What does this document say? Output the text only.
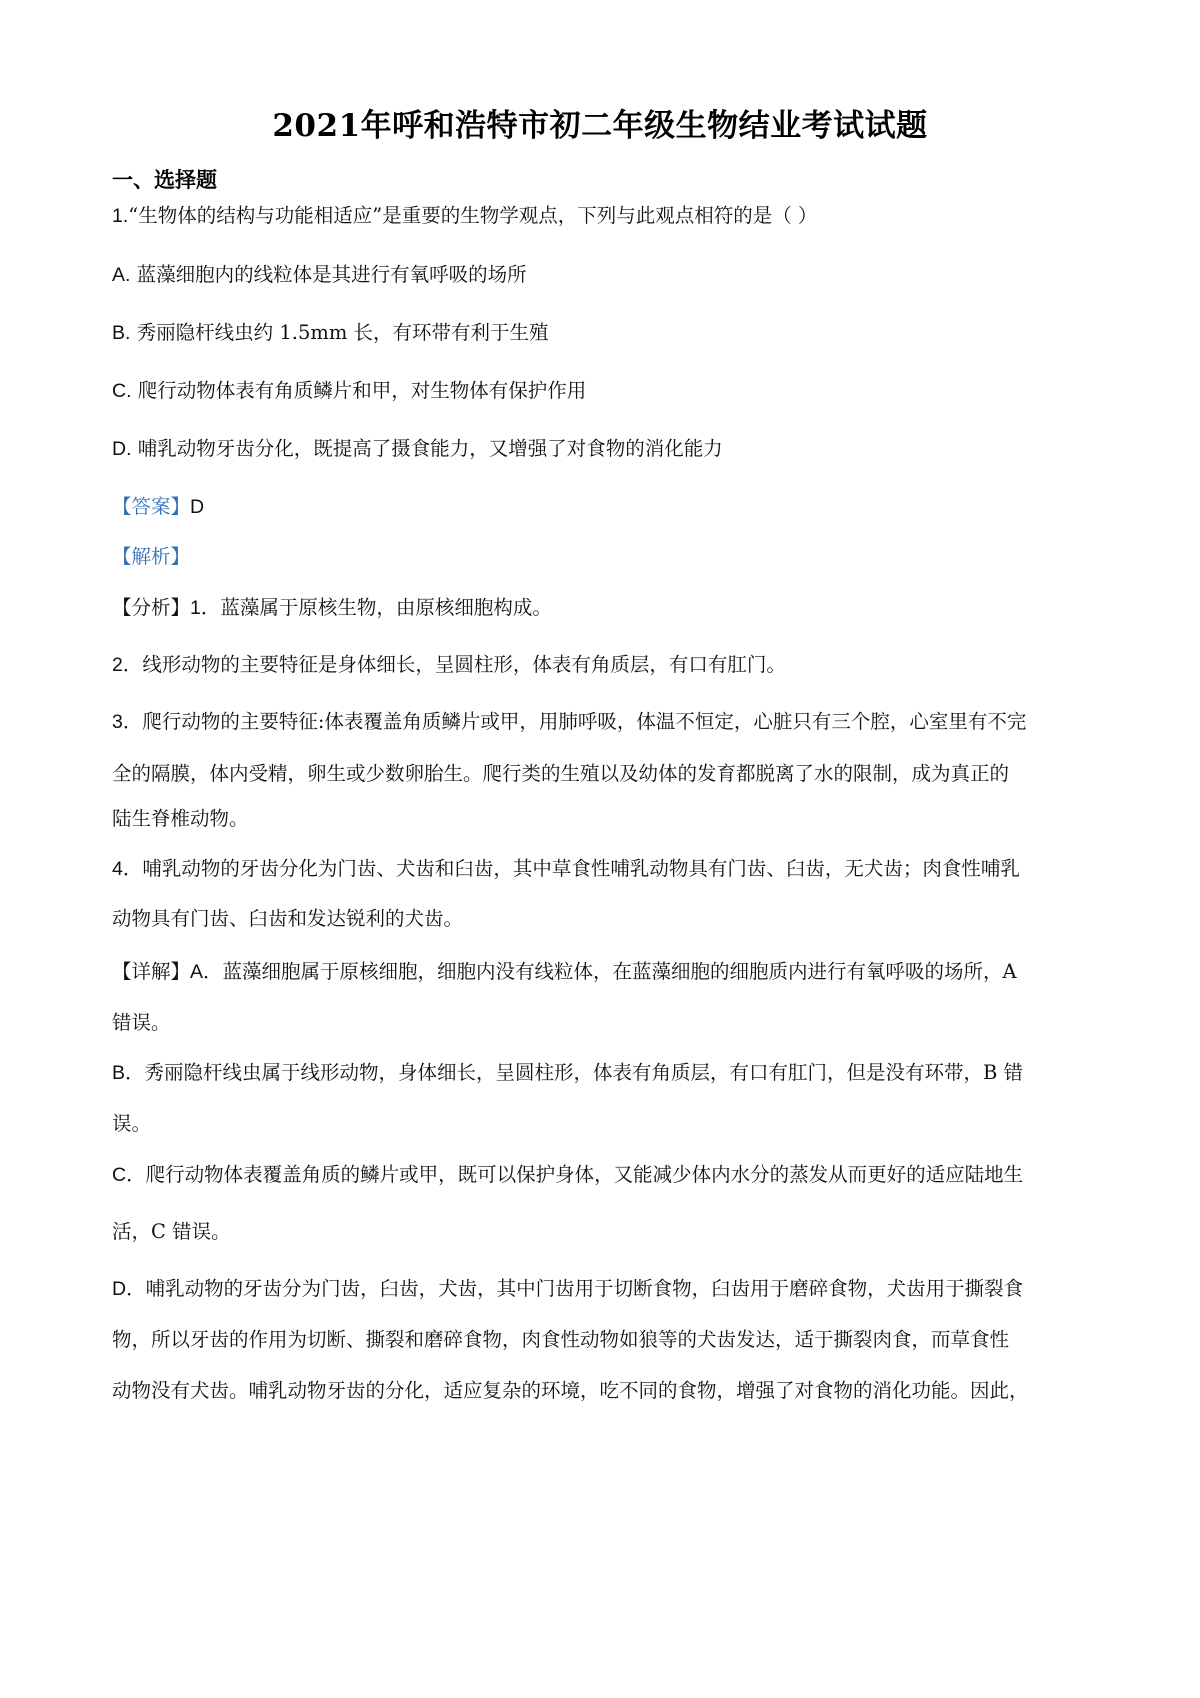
2021年呼和浩特市初二年级生物结业考试试题
一、选择题
1.“生物体的结构与功能相适应”是重要的生物学观点，下列与此观点相符的是（ ）
A. 蓝藻细胞内的线粒体是其进行有氧呼吸的场所
B. 秀丽隐杆线虫约 1.5mm 长，有环带有利于生殖
C. 爬行动物体表有角质鳞片和甲，对生物体有保护作用
D. 哺乳动物牙齿分化，既提高了摄食能力，又增强了对食物的消化能力
【答案】D
【解析】
【分析】1．蓝藻属于原核生物，由原核细胞构成。
2．线形动物的主要特征是身体细长，呈圆柱形，体表有角质层，有口有肛门。
3．爬行动物的主要特征:体表覆盖角质鳞片或甲，用肺呼吸，体温不恒定，心脏只有三个腔，心室里有不完
全的隔膜，体内受精，卵生或少数卵胎生。爬行类的生殖以及幼体的发育都脱离了水的限制，成为真正的
陆生脊椎动物。
4．哺乳动物的牙齿分化为门齿、犬齿和臼齿，其中草食性哺乳动物具有门齿、臼齿，无犬齿；肉食性哺乳
动物具有门齿、臼齿和发达锐利的犬齿。
【详解】A．蓝藻细胞属于原核细胞，细胞内没有线粒体，在蓝藻细胞的细胞质内进行有氧呼吸的场所，A
错误。
B．秀丽隐杆线虫属于线形动物，身体细长，呈圆柱形，体表有角质层，有口有肛门，但是没有环带，B 错
误。
C．爬行动物体表覆盖角质的鳞片或甲，既可以保护身体，又能减少体内水分的蒸发从而更好的适应陆地生
活，C 错误。
D．哺乳动物的牙齿分为门齿，臼齿，犬齿，其中门齿用于切断食物，臼齿用于磨碎食物，犬齿用于撕裂食
物，所以牙齿的作用为切断、撕裂和磨碎食物，肉食性动物如狼等的犬齿发达，适于撕裂肉食，而草食性
动物没有犬齿。哺乳动物牙齿的分化，适应复杂的环境，吃不同的食物，增强了对食物的消化功能。因此，
